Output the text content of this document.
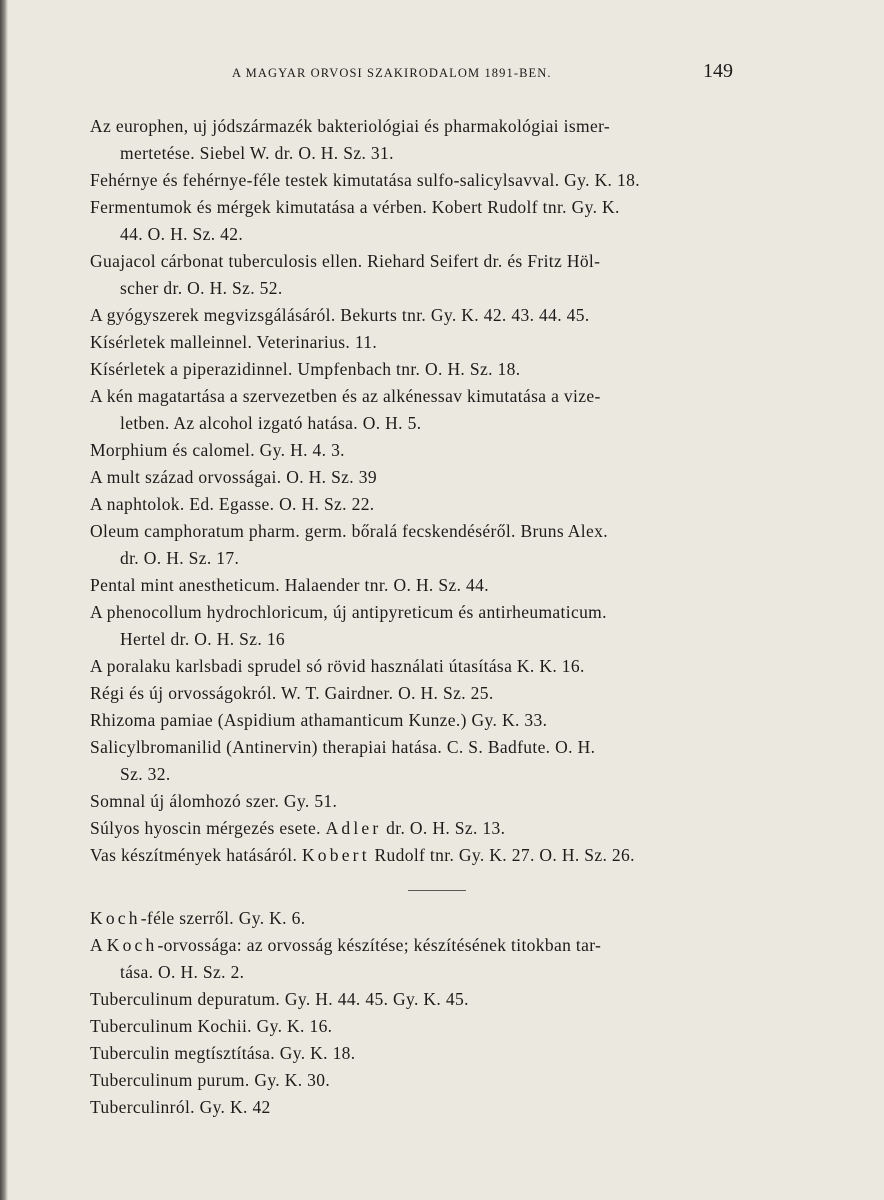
A MAGYAR ORVOSI SZAKIRODALOM 1891-BEN.	149
Az europhen, uj jódszármazék bakteriológiai és pharmakológiai ismer-
mertetése. Siebel W. dr. O. H. Sz. 31.
Fehérnye és fehérnye-féle testek kimutatása sulfo-salicylsavval. Gy. K. 18.
Fermentumok és mérgek kimutatása a vérben. Kobert Rudolf tnr. Gy. K.
44. O. H. Sz. 42.
Guajacol cárbonat tuberculosis ellen. Riehard Seifert dr. és Fritz Höl-
scher dr. O. H. Sz. 52.
A gyógyszerek megvizsgálásáról. Bekurts tnr. Gy. K. 42. 43. 44. 45.
Kísérletek malleinnel. Veterinarius. 11.
Kísérletek a piperazidinnel. Umpfenbach tnr. O. H. Sz. 18.
A kén magatartása a szervezetben és az alkénessav kimutatása a vize-
letben. Az alcohol izgató hatása. O. H. 5.
Morphium és calomel. Gy. H. 4. 3.
A mult század orvosságai. O. H. Sz. 39
A naphtolok. Ed. Egasse. O. H. Sz. 22.
Oleum camphoratum pharm. germ. bőralá fecskendéséről. Bruns Alex.
dr. O. H. Sz. 17.
Pental mint anestheticum. Halaender tnr. O. H. Sz. 44.
A phenocollum hydrochloricum, új antipyreticum és antirheumaticum.
Hertel dr. O. H. Sz. 16
A poralaku karlsbadi sprudel só rövid használati útasítása K. K. 16.
Régi és új orvosságokról. W. T. Gairdner. O. H. Sz. 25.
Rhizoma pamiae (Aspidium athamanticum Kunze.) Gy. K. 33.
Salicylbromanilid (Antinervin) therapiai hatása. C. S. Badfute. O. H.
Sz. 32.
Somnal új álomhozó szer. Gy. 51.
Súlyos hyoscin mérgezés esete. Adler dr. O. H. Sz. 13.
Vas készítmények hatásáról. Kobert Rudolf tnr. Gy. K. 27. O. H. Sz. 26.
Koch-féle szerről. Gy. K. 6.
A Koch-orvossága: az orvosság készítése; készítésének titokban tar-
tása. O. H. Sz. 2.
Tuberculinum depuratum. Gy. H. 44. 45. Gy. K. 45.
Tuberculinum Kochii. Gy. K. 16.
Tuberculin megtísztítása. Gy. K. 18.
Tuberculinum purum. Gy. K. 30.
Tuberculinról. Gy. K. 42
